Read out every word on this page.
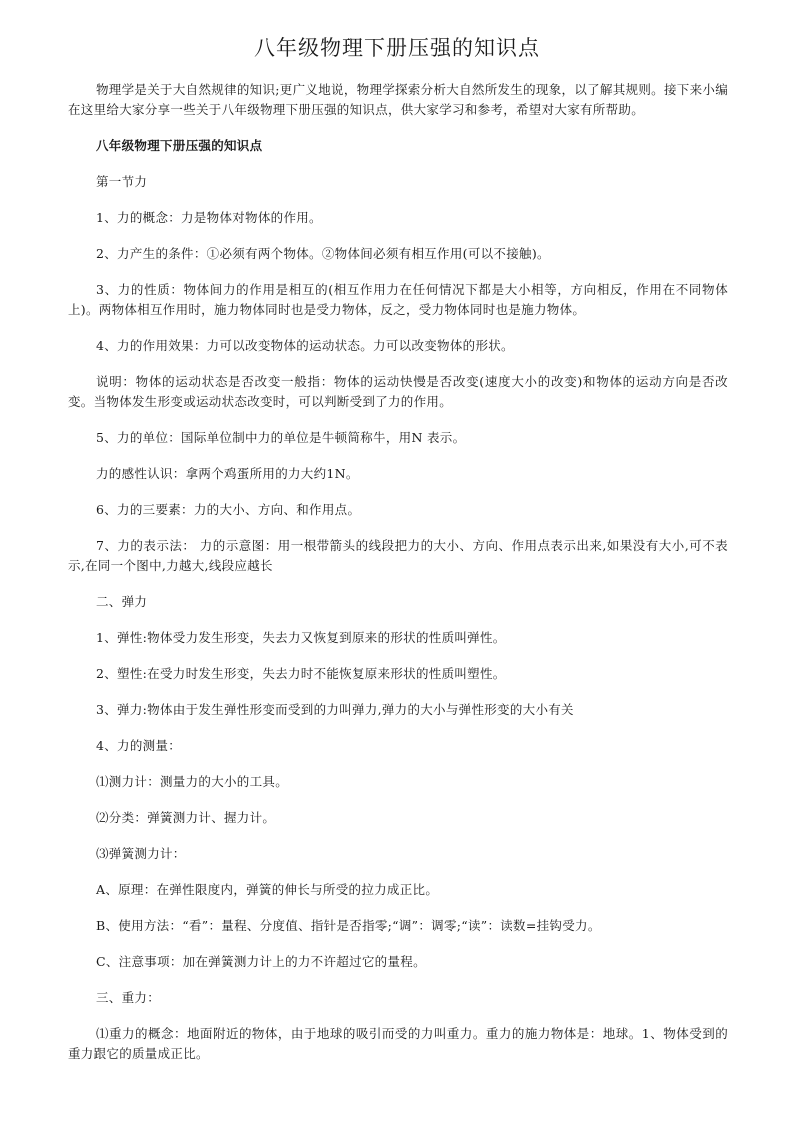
八年级物理下册压强的知识点

物理学是关于大自然规律的知识;更广义地说，物理学探索分析大自然所发生的现象，以了解其规则。接下来小编在这里给大家分享一些关于八年级物理下册压强的知识点，供大家学习和参考，希望对大家有所帮助。

八年级物理下册压强的知识点

第一节力

1、力的概念：力是物体对物体的作用。

2、力产生的条件：①必须有两个物体。②物体间必须有相互作用(可以不接触)。

3、力的性质：物体间力的作用是相互的(相互作用力在任何情况下都是大小相等，方向相反，作用在不同物体上)。两物体相互作用时，施力物体同时也是受力物体，反之，受力物体同时也是施力物体。

4、力的作用效果：力可以改变物体的运动状态。力可以改变物体的形状。

说明：物体的运动状态是否改变一般指：物体的运动快慢是否改变(速度大小的改变)和物体的运动方向是否改变。当物体发生形变或运动状态改变时，可以判断受到了力的作用。

5、力的单位：国际单位制中力的单位是牛顿简称牛，用N 表示。

力的感性认识：拿两个鸡蛋所用的力大约1N。

6、力的三要素：力的大小、方向、和作用点。

7、力的表示法： 力的示意图：用一根带箭头的线段把力的大小、方向、作用点表示出来,如果没有大小,可不表示,在同一个图中,力越大,线段应越长

二、弹力

1、弹性:物体受力发生形变，失去力又恢复到原来的形状的性质叫弹性。

2、塑性:在受力时发生形变，失去力时不能恢复原来形状的性质叫塑性。

3、弹力:物体由于发生弹性形变而受到的力叫弹力,弹力的大小与弹性形变的大小有关

4、力的测量：

⑴测力计：测量力的大小的工具。

⑵分类：弹簧测力计、握力计。

⑶弹簧测力计：

A、原理：在弹性限度内，弹簧的伸长与所受的拉力成正比。

B、使用方法：“看”：量程、分度值、指针是否指零;“调”：调零;“读”：读数=挂钩受力。

C、注意事项：加在弹簧测力计上的力不许超过它的量程。

三、重力：

⑴重力的概念：地面附近的物体，由于地球的吸引而受的力叫重力。重力的施力物体是：地球。1、物体受到的重力跟它的质量成正比。
